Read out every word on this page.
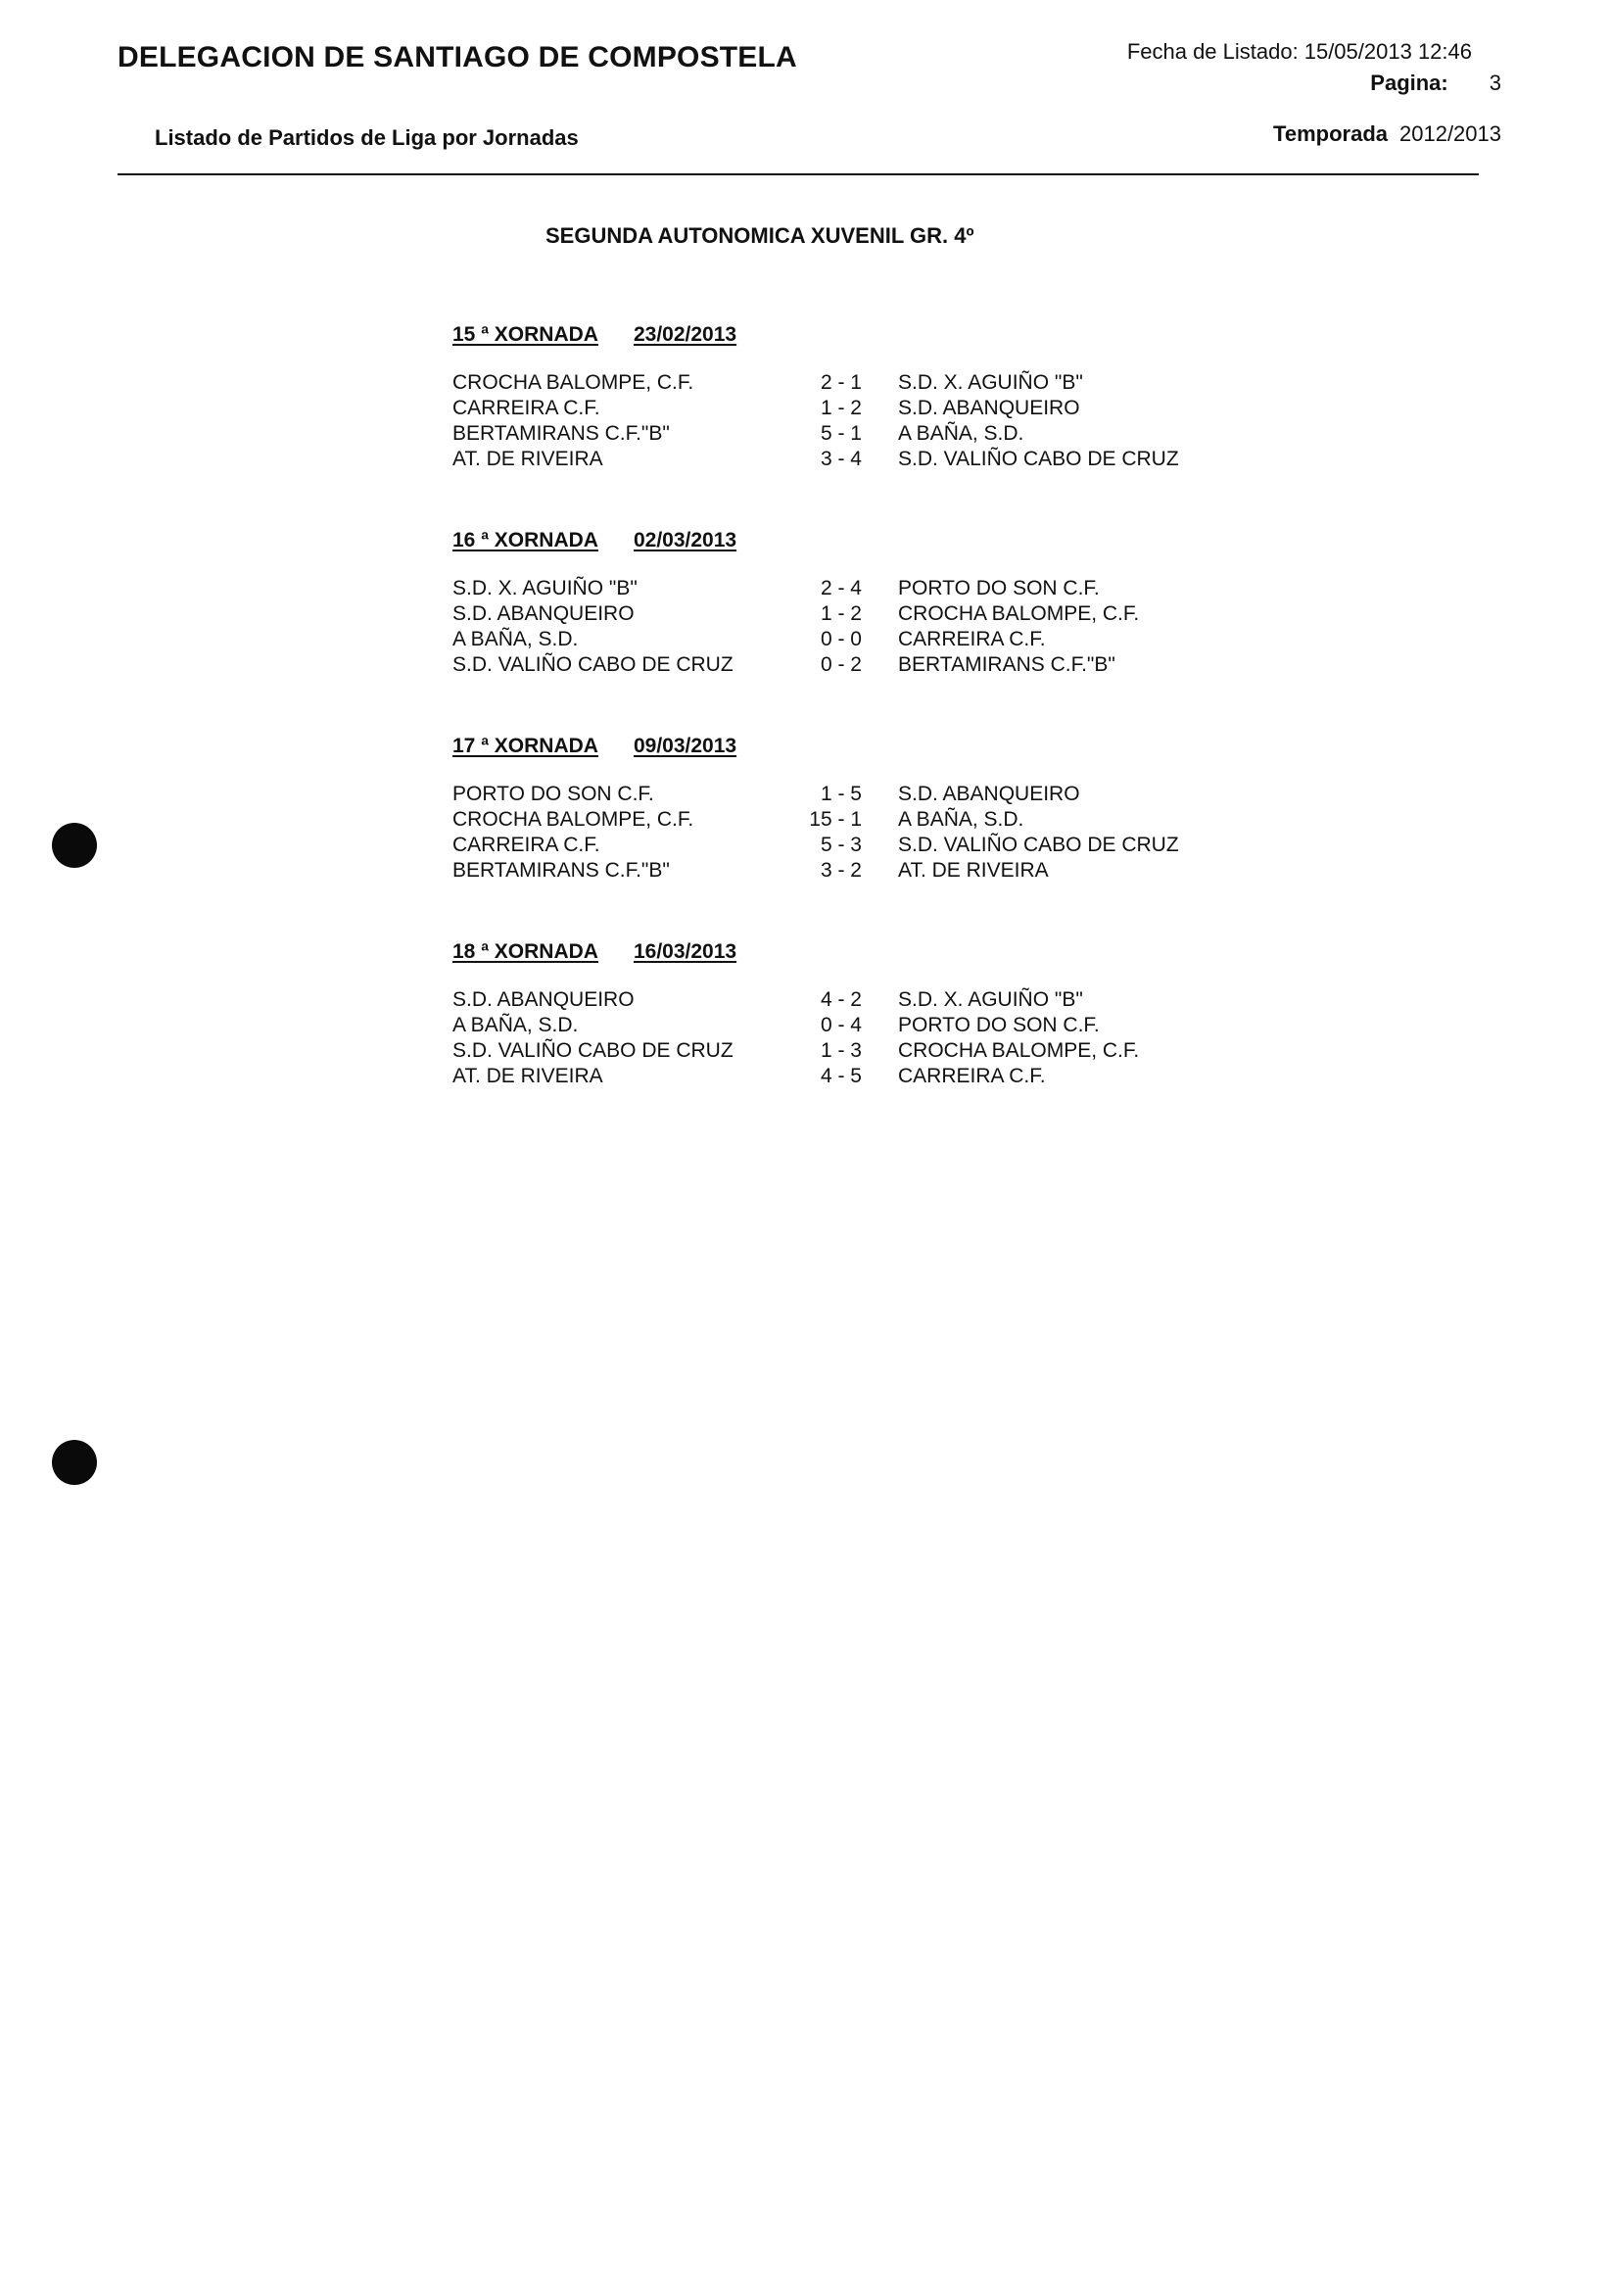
DELEGACION DE SANTIAGO DE COMPOSTELA	Fecha de Listado: 15/05/2013 12:46
Pagina: 3
Listado de Partidos de Liga por Jornadas	Temporada 2012/2013
SEGUNDA AUTONOMICA XUVENIL GR. 4º
15 ª XORNADA 23/02/2013
CROCHA BALOMPE, C.F.	2 - 1 S.D. X. AGUIÑO "B"
CARREIRA C.F.	1 - 2 S.D. ABANQUEIRO
BERTAMIRANS C.F."B"	5 - 1 A BAÑA, S.D.
AT. DE RIVEIRA	3 - 4 S.D. VALIÑO CABO DE CRUZ
16 ª XORNADA 02/03/2013
S.D. X. AGUIÑO "B"	2 - 4 PORTO DO SON C.F.
S.D. ABANQUEIRO	1 - 2 CROCHA BALOMPE, C.F.
A BAÑA, S.D.	0 - 0 CARREIRA C.F.
S.D. VALIÑO CABO DE CRUZ	0 - 2 BERTAMIRANS C.F."B"
17 ª XORNADA 09/03/2013
PORTO DO SON C.F.	1 - 5 S.D. ABANQUEIRO
CROCHA BALOMPE, C.F.	15 - 1 A BAÑA, S.D.
CARREIRA C.F.	5 - 3 S.D. VALIÑO CABO DE CRUZ
BERTAMIRANS C.F."B"	3 - 2 AT. DE RIVEIRA
18 ª XORNADA 16/03/2013
S.D. ABANQUEIRO	4 - 2 S.D. X. AGUIÑO "B"
A BAÑA, S.D.	0 - 4 PORTO DO SON C.F.
S.D. VALIÑO CABO DE CRUZ	1 - 3 CROCHA BALOMPE, C.F.
AT. DE RIVEIRA	4 - 5 CARREIRA C.F.
